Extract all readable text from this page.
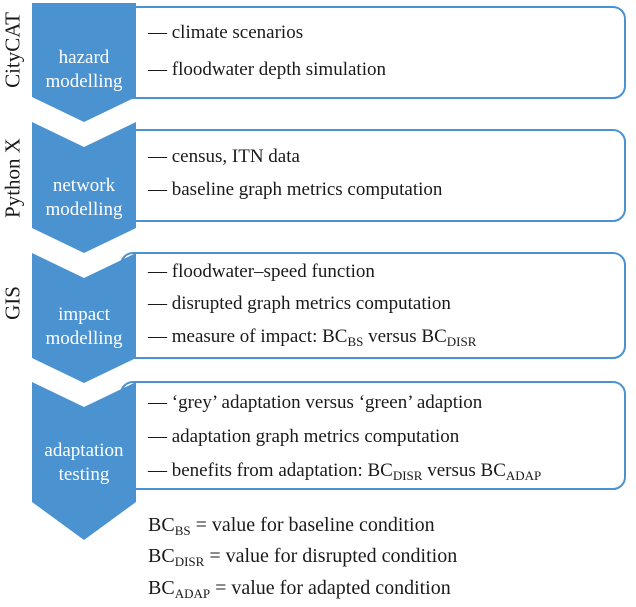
CityCAT
Python X
GIS
hazard
modelling
network
modelling
impact
modelling
adaptation
testing
— climate scenarios
— floodwater depth simulation
— census, ITN data
— baseline graph metrics computation
— floodwater–speed function
— disrupted graph metrics computation
— measure of impact: $BC_{BS}$ versus $BC_{DISR}$
— ‘grey’ adaptation versus ‘green’ adaption
— adaptation graph metrics computation
— benefits from adaptation: $BC_{DISR}$ versus $BC_{ADAP}$
$BC_{BS}$ = value for baseline condition
$BC_{DISR}$ = value for disrupted condition
$BC_{ADAP}$ = value for adapted condition
